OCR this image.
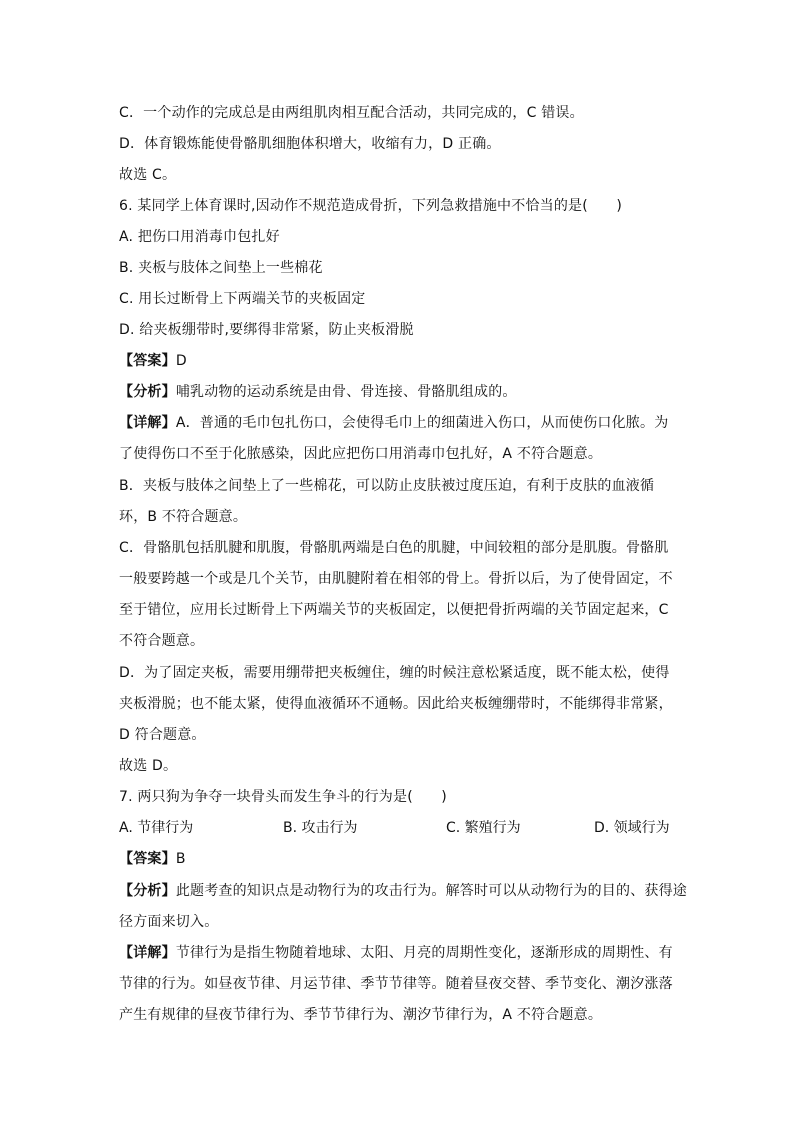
C．一个动作的完成总是由两组肌肉相互配合活动，共同完成的，C 错误。
D．体育锻炼能使骨骼肌细胞体积增大，收缩有力，D 正确。
故选 C。
6. 某同学上体育课时,因动作不规范造成骨折，下列急救措施中不恰当的是(　　)
A. 把伤口用消毒巾包扎好
B. 夹板与肢体之间垫上一些棉花
C. 用长过断骨上下两端关节的夹板固定
D. 给夹板绷带时,要绑得非常紧，防止夹板滑脱
【答案】D
【分析】哺乳动物的运动系统是由骨、骨连接、骨骼肌组成的。
【详解】A．普通的毛巾包扎伤口，会使得毛巾上的细菌进入伤口，从而使伤口化脓。为
了使得伤口不至于化脓感染，因此应把伤口用消毒巾包扎好，A 不符合题意。
B．夹板与肢体之间垫上了一些棉花，可以防止皮肤被过度压迫，有利于皮肤的血液循
环，B 不符合题意。
C．骨骼肌包括肌腱和肌腹，骨骼肌两端是白色的肌腱，中间较粗的部分是肌腹。骨骼肌
一般要跨越一个或是几个关节，由肌腱附着在相邻的骨上。骨折以后，为了使骨固定，不
至于错位，应用长过断骨上下两端关节的夹板固定，以便把骨折两端的关节固定起来，C
不符合题意。
D．为了固定夹板，需要用绷带把夹板缠住，缠的时候注意松紧适度，既不能太松，使得
夹板滑脱；也不能太紧，使得血液循环不通畅。因此给夹板缠绷带时，不能绑得非常紧，
D 符合题意。
故选 D。
7. 两只狗为争夺一块骨头而发生争斗的行为是(　　)
A. 节律行为	B. 攻击行为	C. 繁殖行为	D. 领域行为
【答案】B
【分析】此题考查的知识点是动物行为的攻击行为。解答时可以从动物行为的目的、获得途
径方面来切入。
【详解】节律行为是指生物随着地球、太阳、月亮的周期性变化，逐渐形成的周期性、有
节律的行为。如昼夜节律、月运节律、季节节律等。随着昼夜交替、季节变化、潮汐涨落
产生有规律的昼夜节律行为、季节节律行为、潮汐节律行为，A 不符合题意。
